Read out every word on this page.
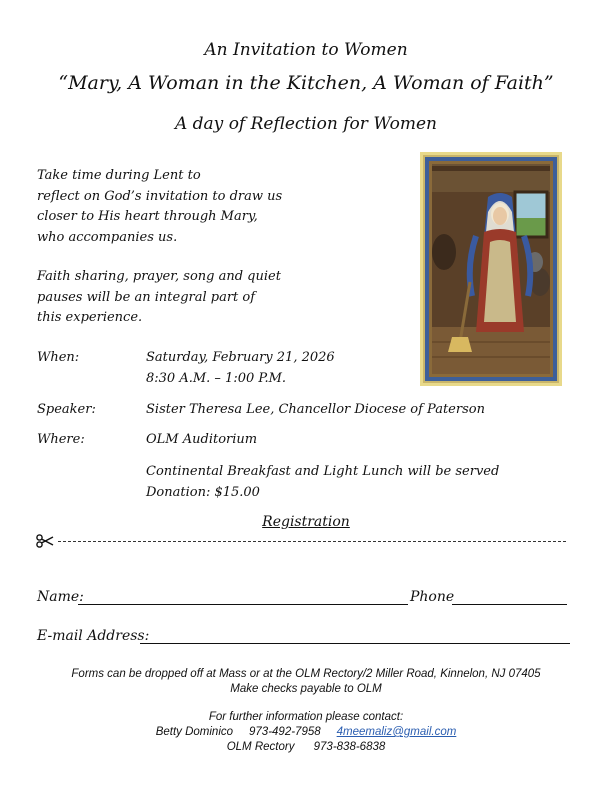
An Invitation to Women
“Mary, A Woman in the Kitchen, A Woman of Faith”
A day of Reflection for Women
Take time during Lent to
reflect on God’s invitation to draw us
closer to His heart through Mary,
who accompanies us.
Faith sharing, prayer, song and quiet
pauses will be an integral part of
this experience.
When:	Saturday, February 21, 2026
8:30 A.M. – 1:00 P.M.
Speaker:	Sister Theresa Lee, Chancellor Diocese of Paterson
Where:	OLM Auditorium
Continental Breakfast and Light Lunch will be served
Donation: $15.00
Registration
Name:	Phone
E-mail Address:
Forms can be dropped off at Mass or at the OLM Rectory/2 Miller Road, Kinnelon, NJ 07405
Make checks payable to OLM
For further information please contact:
Betty Dominico 973-492-7958 4meemaliz@gmail.com
OLM Rectory 973-838-6838
